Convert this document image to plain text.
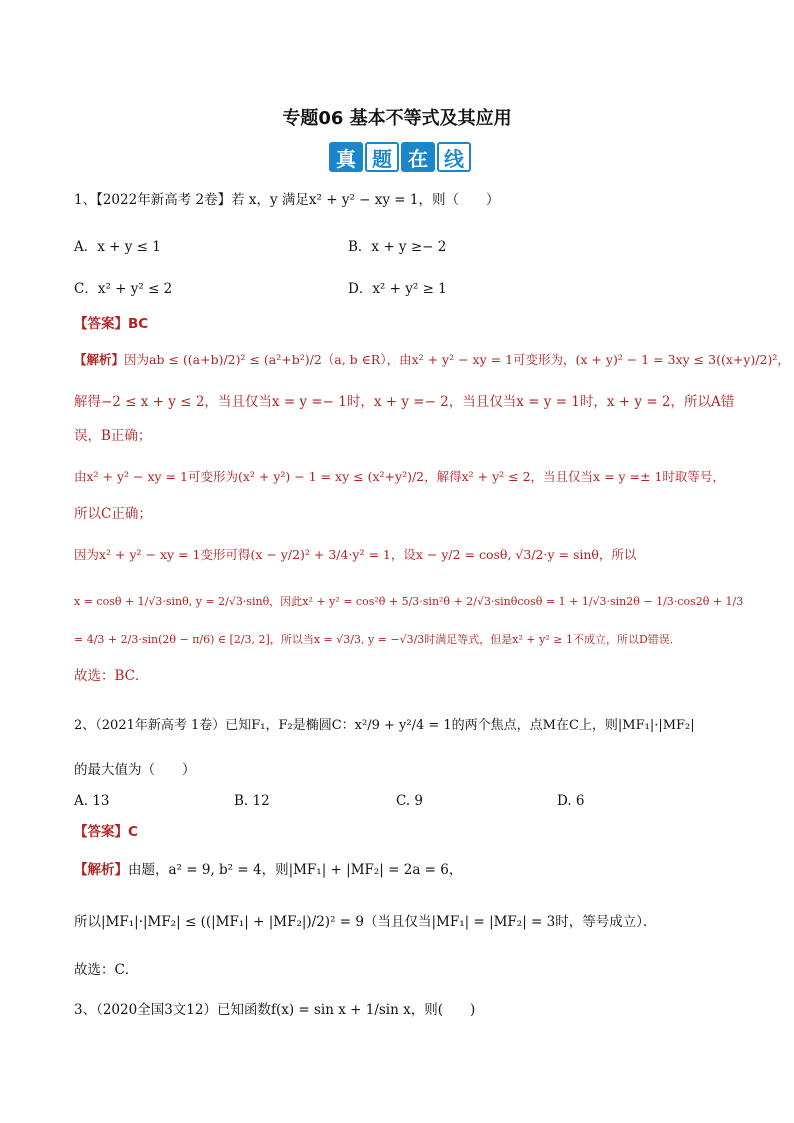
专题06 基本不等式及其应用
真 题 在 线
1、【2022年新高考 2卷】若 x，y 满足x² + y² − xy = 1，则（　　）
A．x + y ≤ 1	B．x + y ≥− 2
C．x² + y² ≤ 2	D．x² + y² ≥ 1
【答案】BC
【解析】因为ab ≤ ((a+b)/2)² ≤ (a²+b²)/2（a, b ∈R），由x² + y² − xy = 1可变形为，(x + y)² − 1 = 3xy ≤ 3((x+y)/2)²，
解得−2 ≤ x + y ≤ 2，当且仅当x = y =− 1时，x + y =− 2，当且仅当x = y = 1时，x + y = 2，所以A错
误，B正确；
由x² + y² − xy = 1可变形为(x² + y²) − 1 = xy ≤ (x²+y²)/2，解得x² + y² ≤ 2，当且仅当x = y =± 1时取等号，
所以C正确；
因为x² + y² − xy = 1变形可得(x − y/2)² + 3/4·y² = 1，设x − y/2 = cosθ, √3/2·y = sinθ，所以
x = cosθ + 1/√3·sinθ, y = 2/√3·sinθ，因此x² + y² = cos²θ + 5/3·sin²θ + 2/√3·sinθcosθ = 1 + 1/√3·sin2θ − 1/3·cos2θ + 1/3
= 4/3 + 2/3·sin(2θ − π/6) ∈ [2/3, 2]，所以当x = √3/3, y = −√3/3时满足等式，但是x² + y² ≥ 1不成立，所以D错误．
故选：BC．
2、（2021年新高考 1卷）已知F₁，F₂是椭圆C：x²/9 + y²/4 = 1的两个焦点，点M在C上，则|MF₁|·|MF₂|
的最大值为（　　）
A. 13	B. 12	C. 9	D. 6
【答案】C
【解析】由题，a² = 9, b² = 4，则|MF₁| + |MF₂| = 2a = 6，
所以|MF₁|·|MF₂| ≤ ((|MF₁| + |MF₂|)/2)² = 9（当且仅当|MF₁| = |MF₂| = 3时，等号成立）．
故选：C．
3、（2020全国3文12）已知函数f(x) = sin x + 1/sin x，则(　　)
